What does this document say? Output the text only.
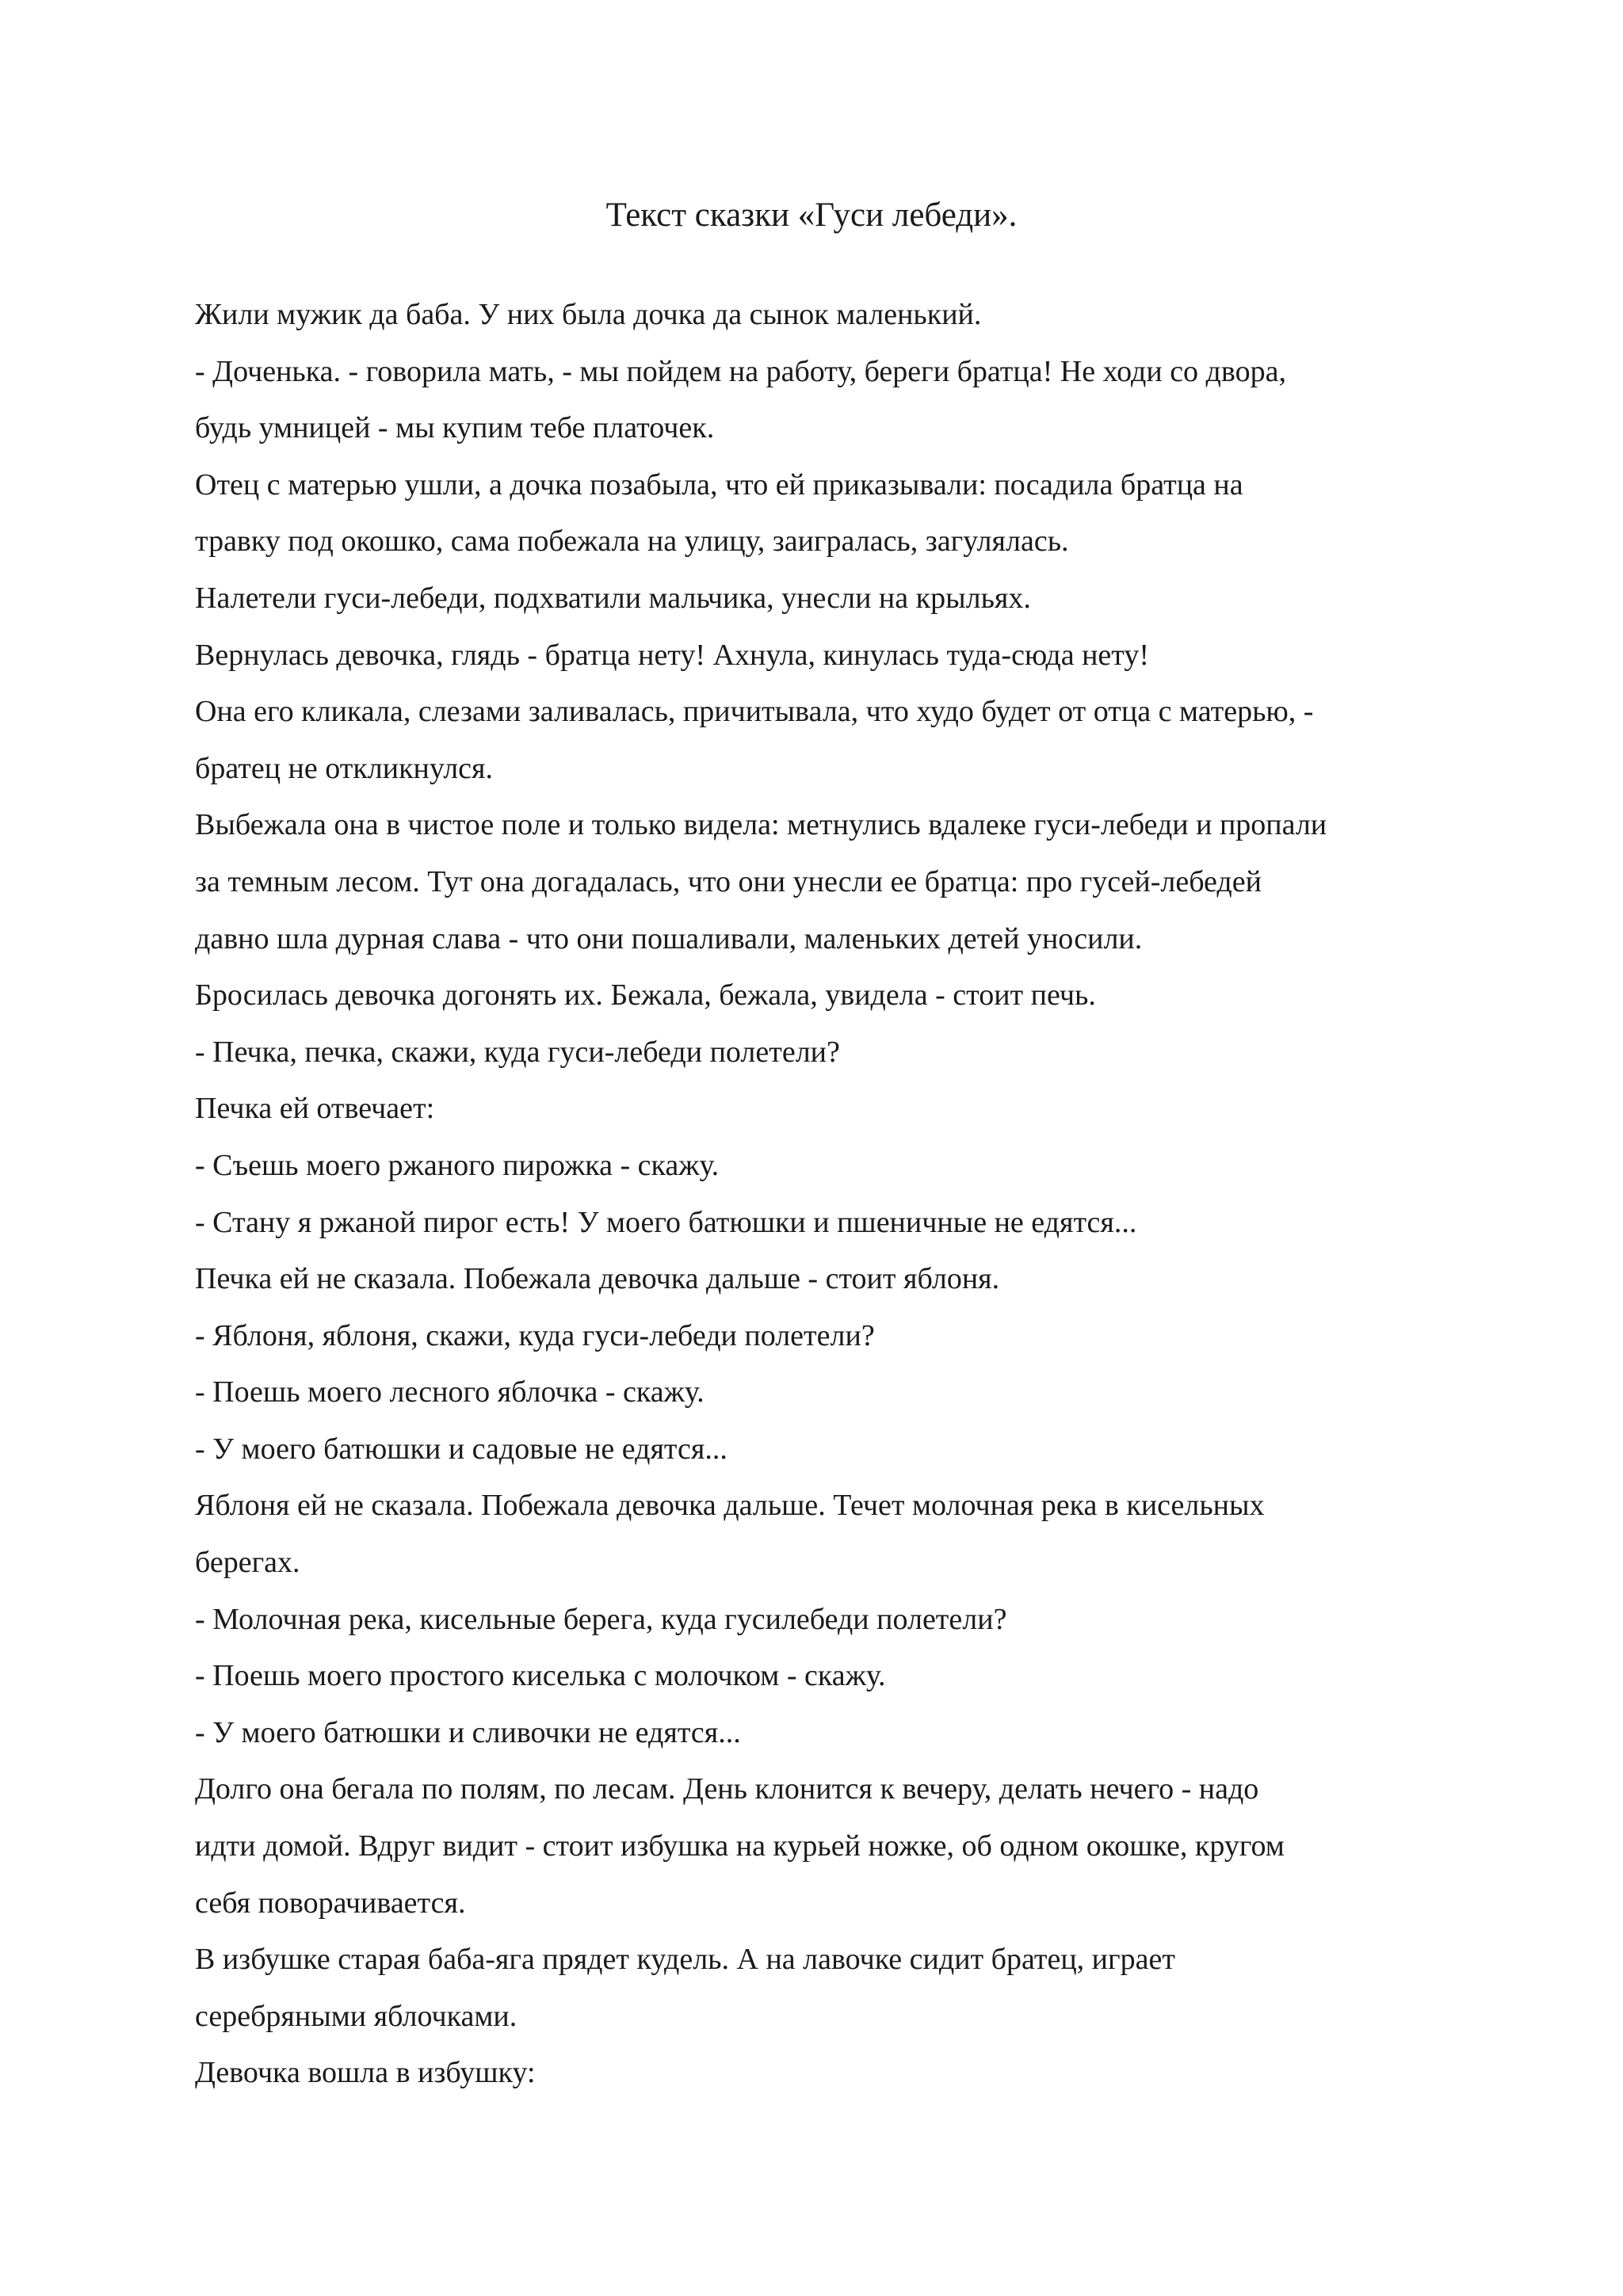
Текст сказки «Гуси лебеди».
Жили мужик да баба. У них была дочка да сынок маленький.
- Доченька. - говорила мать, - мы пойдем на работу, береги братца! Не ходи со двора,
будь умницей - мы купим тебе платочек.
Отец с матерью ушли, а дочка позабыла, что ей приказывали: посадила братца на
травку под окошко, сама побежала на улицу, заигралась, загулялась.
Налетели гуси-лебеди, подхватили мальчика, унесли на крыльях.
Вернулась девочка, глядь - братца нету! Ахнула, кинулась туда-сюда нету!
Она его кликала, слезами заливалась, причитывала, что худо будет от отца с матерью, -
братец не откликнулся.
Выбежала она в чистое поле и только видела: метнулись вдалеке гуси-лебеди и пропали
за темным лесом. Тут она догадалась, что они унесли ее братца: про гусей-лебедей
давно шла дурная слава - что они пошаливали, маленьких детей уносили.
Бросилась девочка догонять их. Бежала, бежала, увидела - стоит печь.
- Печка, печка, скажи, куда гуси-лебеди полетели?
Печка ей отвечает:
- Съешь моего ржаного пирожка - скажу.
- Стану я ржаной пирог есть! У моего батюшки и пшеничные не едятся...
Печка ей не сказала. Побежала девочка дальше - стоит яблоня.
- Яблоня, яблоня, скажи, куда гуси-лебеди полетели?
- Поешь моего лесного яблочка - скажу.
- У моего батюшки и садовые не едятся...
Яблоня ей не сказала. Побежала девочка дальше. Течет молочная река в кисельных
берегах.
- Молочная река, кисельные берега, куда гусилебеди полетели?
- Поешь моего простого киселька с молочком - скажу.
- У моего батюшки и сливочки не едятся...
Долго она бегала по полям, по лесам. День клонится к вечеру, делать нечего - надо
идти домой. Вдруг видит - стоит избушка на курьей ножке, об одном окошке, кругом
себя поворачивается.
В избушке старая баба-яга прядет кудель. А на лавочке сидит братец, играет
серебряными яблочками.
Девочка вошла в избушку:
